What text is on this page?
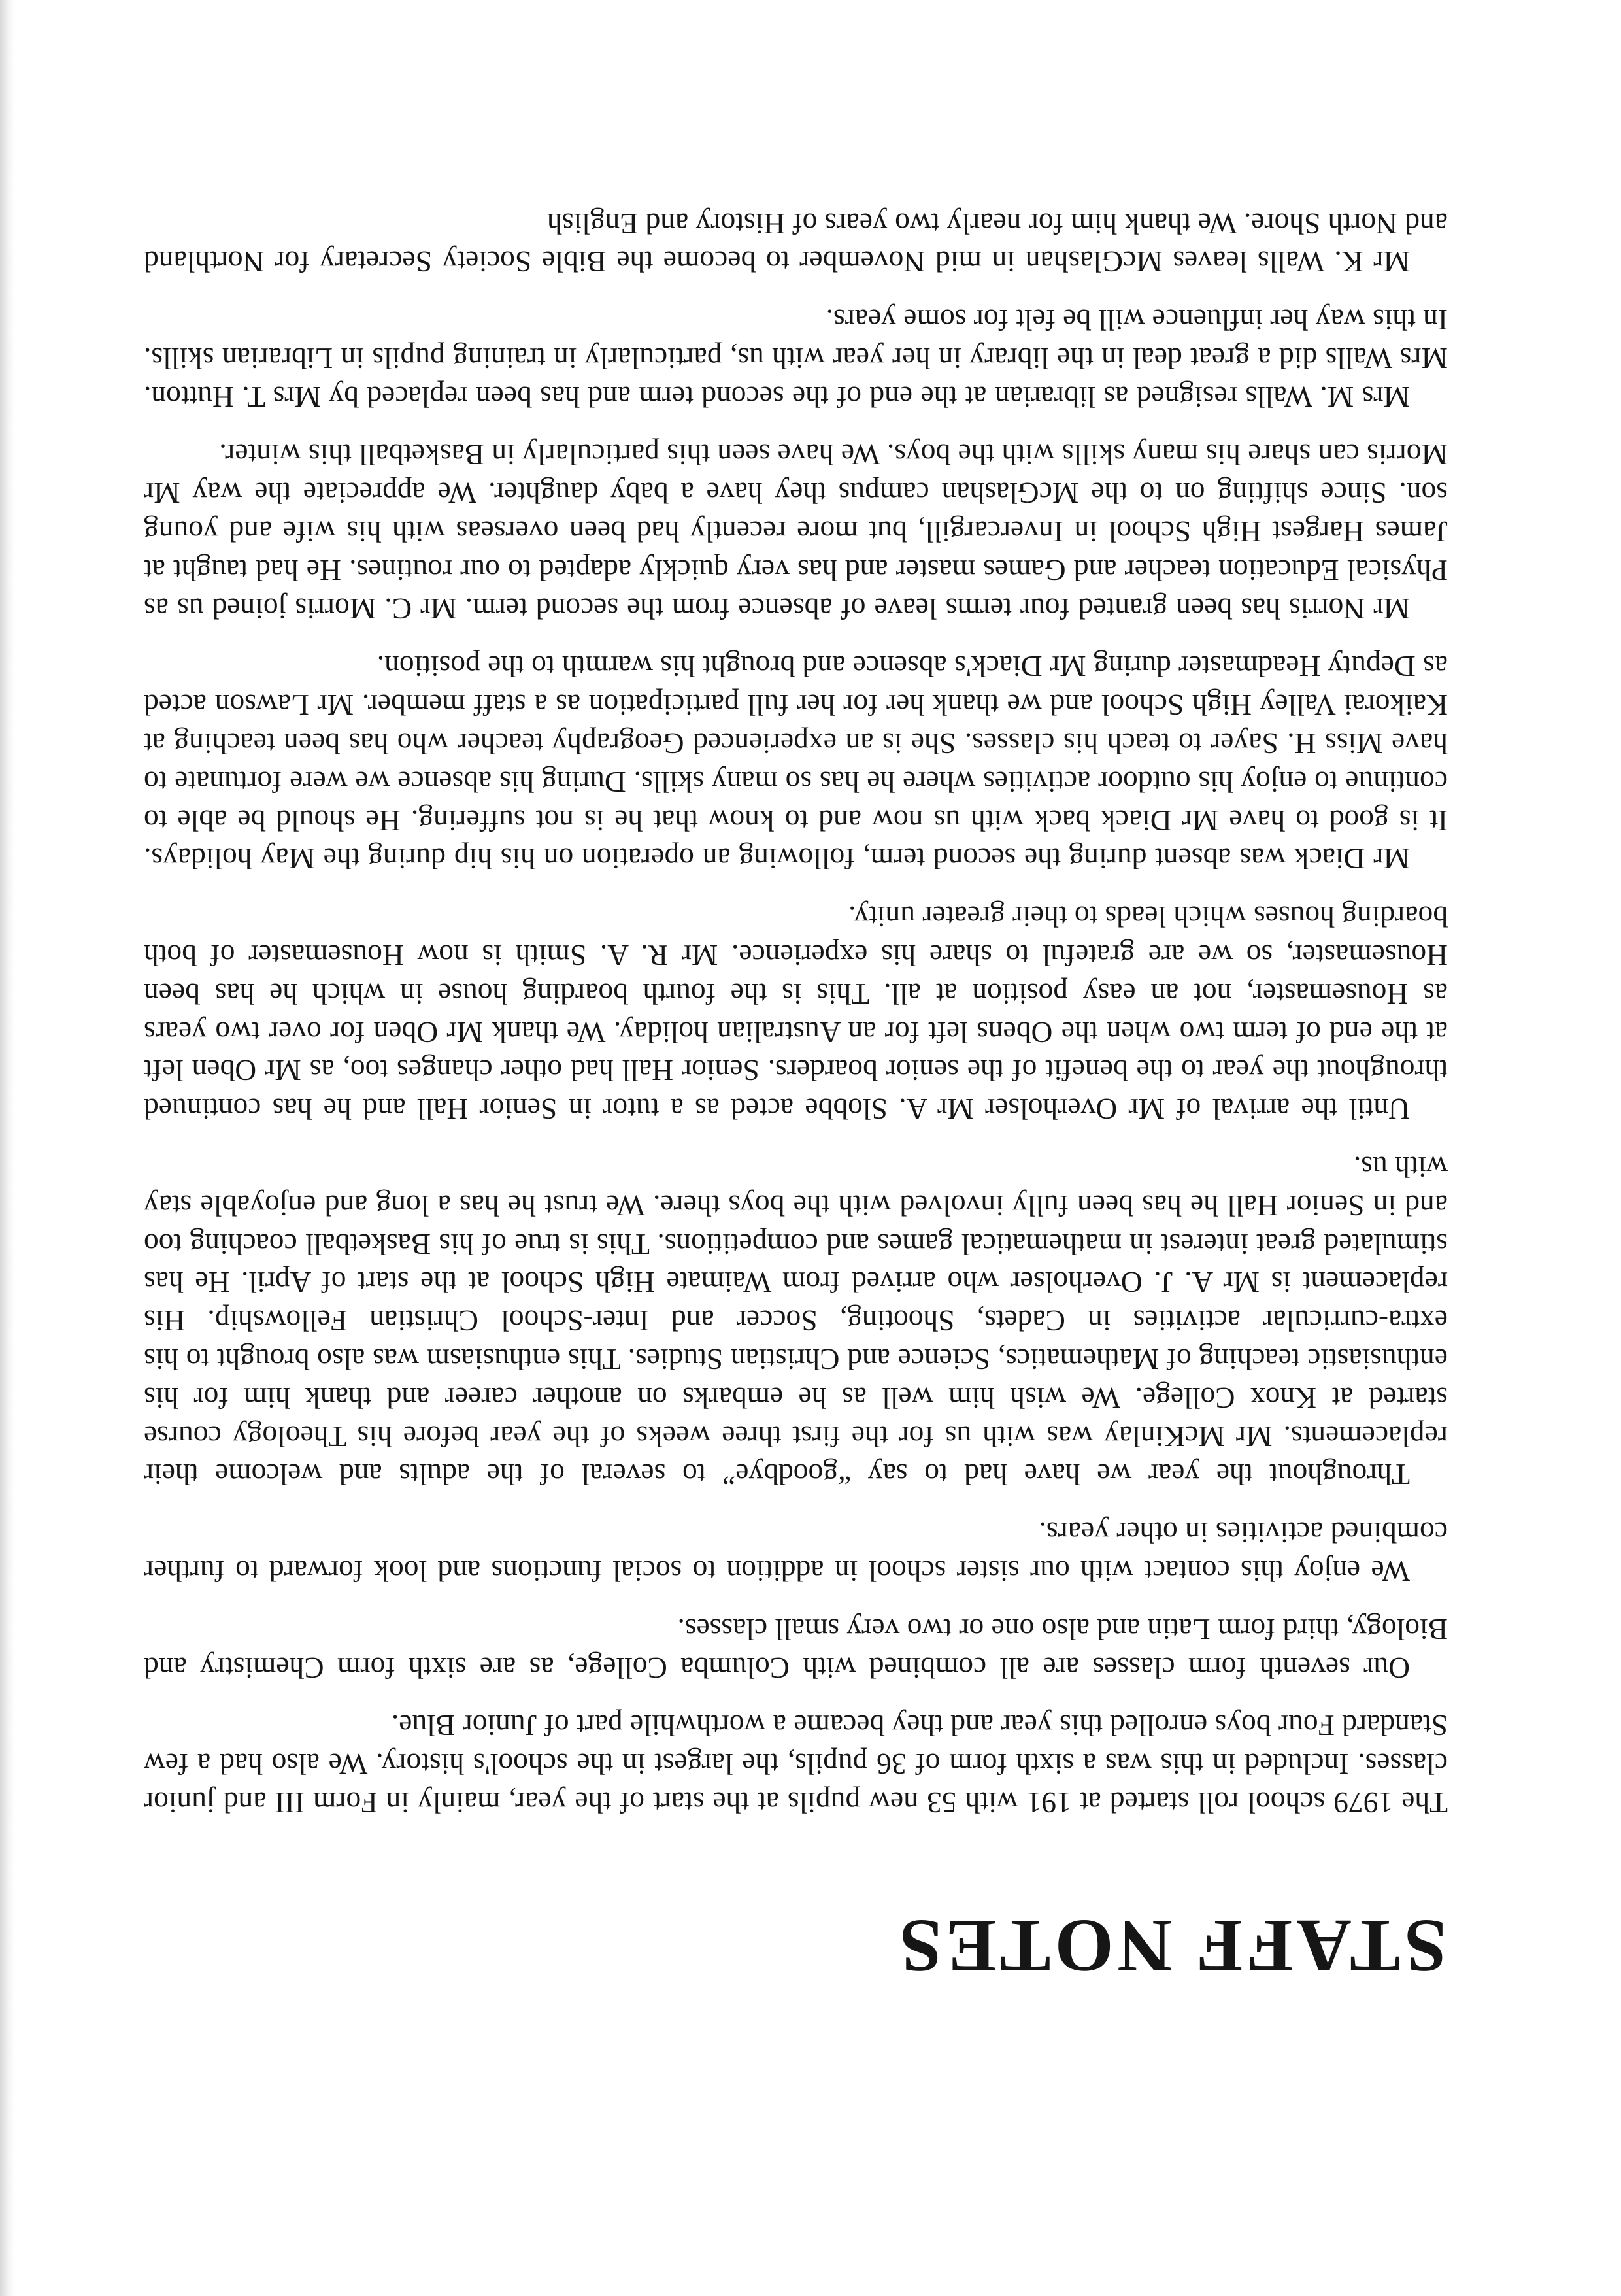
STAFF NOTES

The 1979 school roll started at 191 with 53 new pupils at the start of the year, mainly in Form III and junior classes. Included in this was a sixth form of 36 pupils, the largest in the school's history. We also had a few Standard Four boys enrolled this year and they became a worthwhile part of Junior Blue.

Our seventh form classes are all combined with Columba College, as are sixth form Chemistry and Biology, third form Latin and also one or two very small classes.

We enjoy this contact with our sister school in addition to social functions and look forward to further combined activities in other years.

Throughout the year we have had to say “goodbye” to several of the adults and welcome their replacements. Mr McKinlay was with us for the first three weeks of the year before his Theology course started at Knox College. We wish him well as he embarks on another career and thank him for his enthusiastic teaching of Mathematics, Science and Christian Studies. This enthusiasm was also brought to his extra-curricular activities in Cadets, Shooting, Soccer and Inter-School Christian Fellowship. His replacement is Mr A. J. Overholser who arrived from Waimate High School at the start of April. He has stimulated great interest in mathematical games and competitions. This is true of his Basketball coaching too and in Senior Hall he has been fully involved with the boys there. We trust he has a long and enjoyable stay with us.

Until the arrival of Mr Overholser Mr A. Slobbe acted as a tutor in Senior Hall and he has continued throughout the year to the benefit of the senior boarders. Senior Hall had other changes too, as Mr Oben left at the end of term two when the Obens left for an Australian holiday. We thank Mr Oben for over two years as Housemaster, not an easy position at all. This is the fourth boarding house in which he has been Housemaster, so we are grateful to share his experience. Mr R. A. Smith is now Housemaster of both boarding houses which leads to their greater unity.

Mr Diack was absent during the second term, following an operation on his hip during the May holidays. It is good to have Mr Diack back with us now and to know that he is not suffering. He should be able to continue to enjoy his outdoor activities where he has so many skills. During his absence we were fortunate to have Miss H. Sayer to teach his classes. She is an experienced Geography teacher who has been teaching at Kaikorai Valley High School and we thank her for her full participation as a staff member. Mr Lawson acted as Deputy Headmaster during Mr Diack's absence and brought his warmth to the position.

Mr Norris has been granted four terms leave of absence from the second term. Mr C. Morris joined us as Physical Education teacher and Games master and has very quickly adapted to our routines. He had taught at James Hargest High School in Invercargill, but more recently had been overseas with his wife and young son. Since shifting on to the McGlashan campus they have a baby daughter. We appreciate the way Mr Morris can share his many skills with the boys. We have seen this particularly in Basketball this winter.

Mrs M. Walls resigned as librarian at the end of the second term and has been replaced by Mrs T. Hutton. Mrs Walls did a great deal in the library in her year with us, particularly in training pupils in Librarian skills. In this way her influence will be felt for some years.

Mr K. Walls leaves McGlashan in mid November to become the Bible Society Secretary for Northland and North Shore. We thank him for nearly two years of History and English
